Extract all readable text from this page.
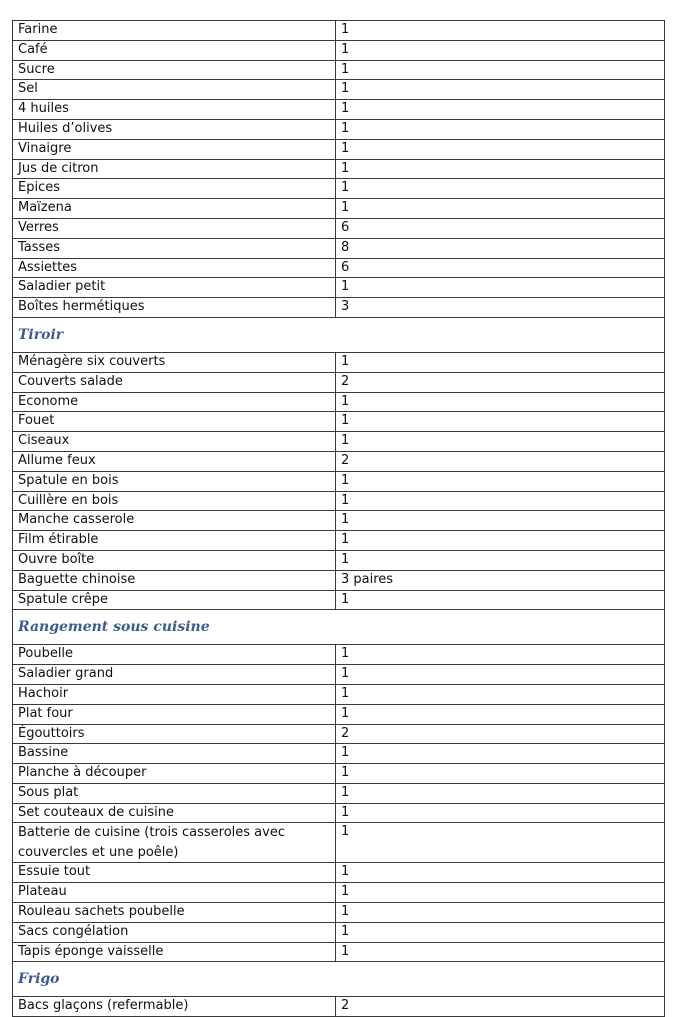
Farine	1
Café	1
Sucre	1
Sel	1
4 huiles	1
Huiles d’olives	1
Vinaigre	1
Jus de citron	1
Epices	1
Maïzena	1
Verres	6
Tasses	8
Assiettes	6
Saladier petit	1
Boîtes hermétiques	3
Tiroir	
Ménagère six couverts	1
Couverts salade	2
Econome	1
Fouet	1
Ciseaux	1
Allume feux	2
Spatule en bois	1
Cuillère en bois	1
Manche casserole	1
Film étirable	1
Ouvre boîte	1
Baguette chinoise	3 paires
Spatule crêpe	1
Rangement sous cuisine	
Poubelle	1
Saladier grand	1
Hachoir	1
Plat four	1
Égouttoirs	2
Bassine	1
Planche à découper	1
Sous plat	1
Set couteaux de cuisine	1
Batterie de cuisine (trois casseroles avec couvercles et une poêle)	1
Essuie tout	1
Plateau	1
Rouleau sachets poubelle	1
Sacs congélation	1
Tapis éponge vaisselle	1
Frigo	
Bacs glaçons (refermable)	2
